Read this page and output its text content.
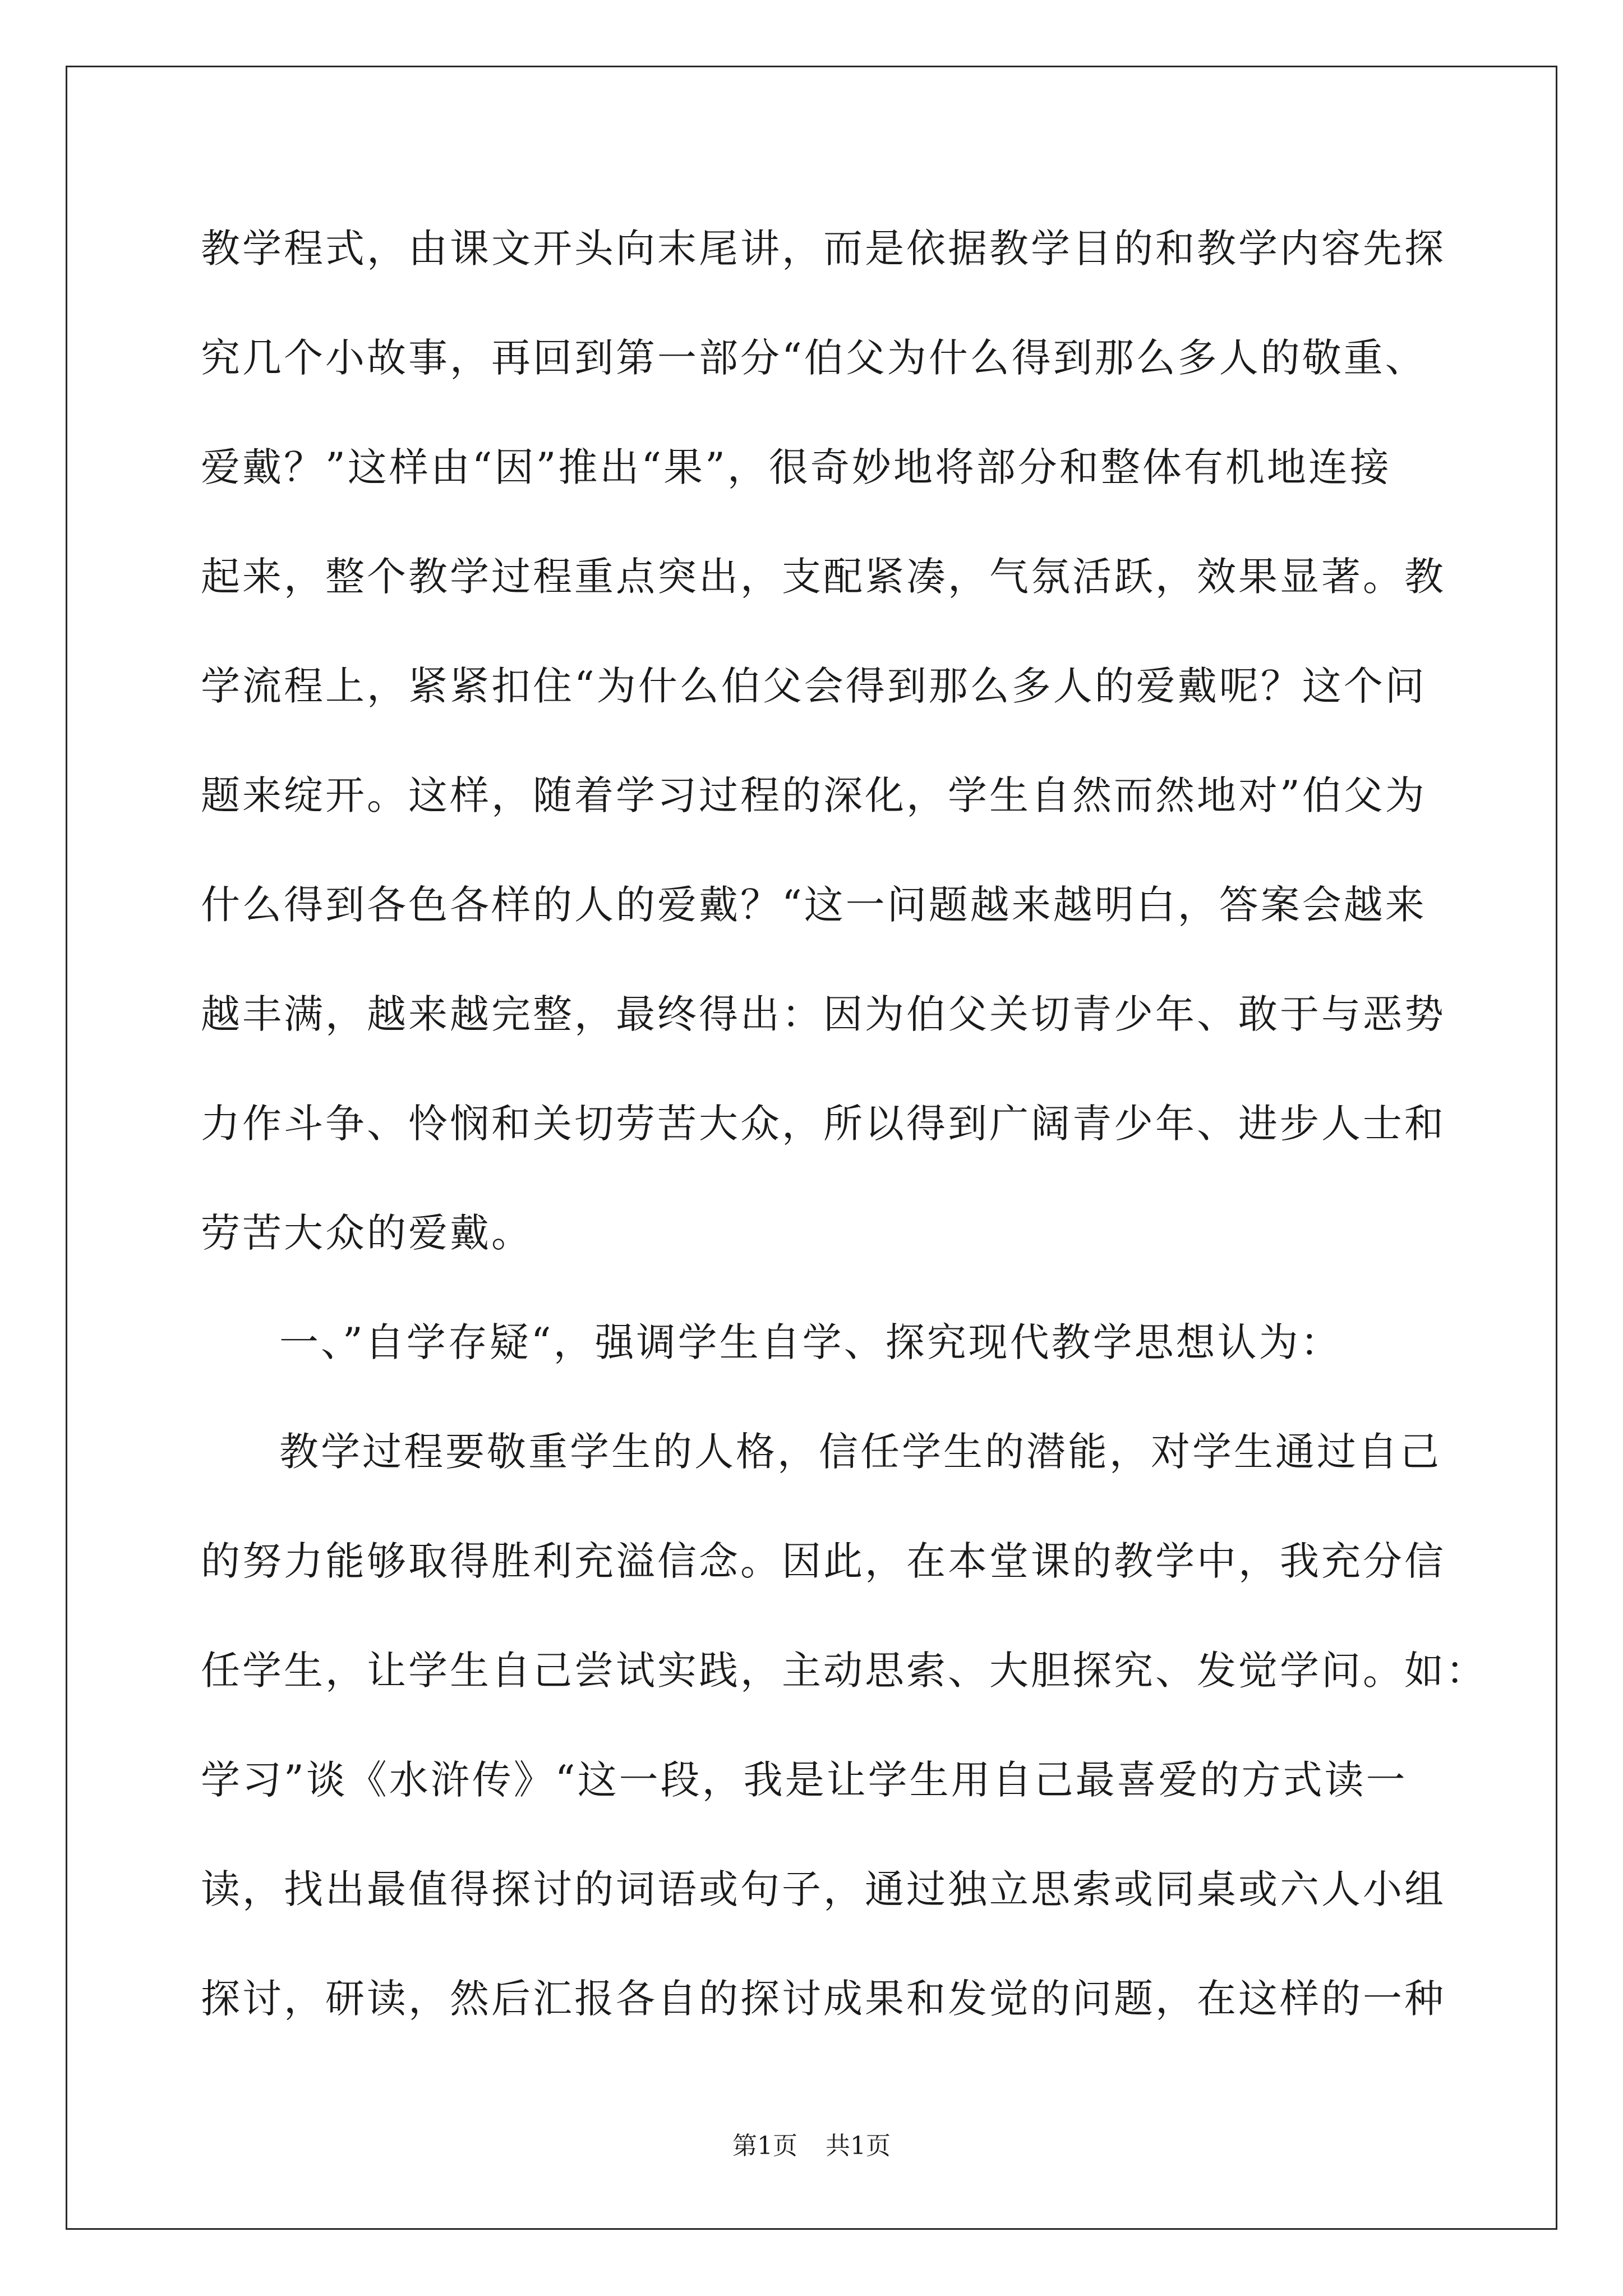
教学程式，由课文开头向末尾讲，而是依据教学目的和教学内容先探
究几个小故事，再回到第一部分“伯父为什么得到那么多人的敬重、
爱戴？”这样由“因”推出“果”，很奇妙地将部分和整体有机地连接
起来，整个教学过程重点突出，支配紧凑，气氛活跃，效果显著。教
学流程上，紧紧扣住“为什么伯父会得到那么多人的爱戴呢？这个问
题来绽开。这样，随着学习过程的深化，学生自然而然地对”伯父为
什么得到各色各样的人的爱戴？“这一问题越来越明白，答案会越来
越丰满，越来越完整，最终得出：因为伯父关切青少年、敢于与恶势
力作斗争、怜悯和关切劳苦大众，所以得到广阔青少年、进步人士和
劳苦大众的爱戴。
一、”自学存疑“，强调学生自学、探究现代教学思想认为：
教学过程要敬重学生的人格，信任学生的潜能，对学生通过自己
的努力能够取得胜利充溢信念。因此，在本堂课的教学中，我充分信
任学生，让学生自己尝试实践，主动思索、大胆探究、发觉学问。如：
学习”谈《水浒传》“这一段，我是让学生用自己最喜爱的方式读一
读，找出最值得探讨的词语或句子，通过独立思索或同桌或六人小组
探讨，研读，然后汇报各自的探讨成果和发觉的问题，在这样的一种
第1页 共1页
